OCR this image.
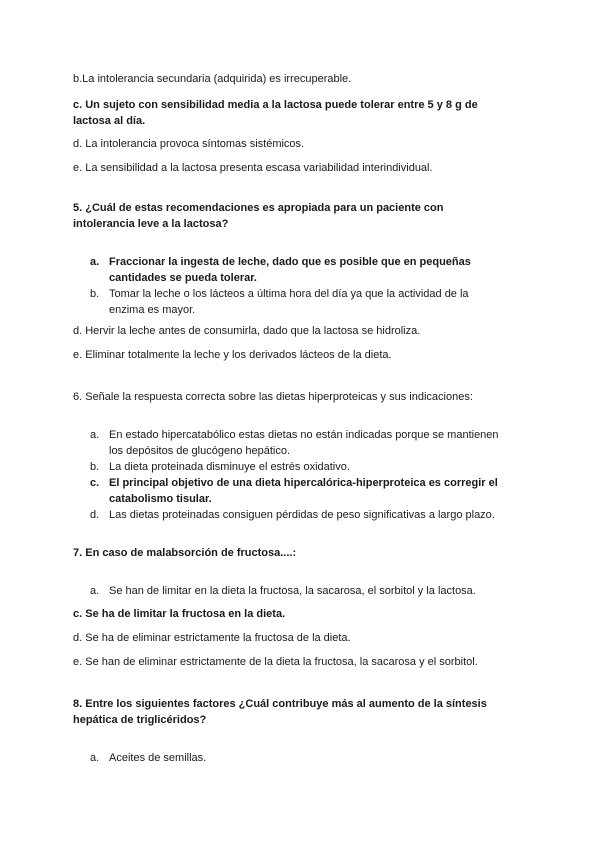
b.La intolerancia secundaria (adquirida) es irrecuperable.
c. Un sujeto con sensibilidad media a la lactosa puede tolerar entre 5 y 8 g de
lactosa al día.
d. La intolerancia provoca síntomas sistémicos.
e. La sensibilidad a la lactosa presenta escasa variabilidad interindividual.
5. ¿Cuál de estas recomendaciones es apropiada para un paciente con
intolerancia leve a la lactosa?
a. Fraccionar la ingesta de leche, dado que es posible que en pequeñas
cantidades se pueda tolerar.
b. Tomar la leche o los lácteos a última hora del día ya que la actividad de la
enzima es mayor.
d. Hervir la leche antes de consumirla, dado que la lactosa se hidroliza.
e. Eliminar totalmente la leche y los derivados lácteos de la dieta.
6. Señale la respuesta correcta sobre las dietas hiperproteicas y sus indicaciones:
a. En estado hipercatabólico estas dietas no están indicadas porque se mantienen
los depósitos de glucógeno hepático.
b. La dieta proteinada disminuye el estrés oxidativo.
c. El principal objetivo de una dieta hipercalórica-hiperproteica es corregir el
catabolismo tisular.
d. Las dietas proteinadas consiguen pérdidas de peso significativas a largo plazo.
7. En caso de malabsorción de fructosa....:
a. Se han de limitar en la dieta la fructosa, la sacarosa, el sorbitol y la lactosa.
c. Se ha de limitar la fructosa en la dieta.
d. Se ha de eliminar estrictamente la fructosa de la dieta.
e. Se han de eliminar estrictamente de la dieta la fructosa, la sacarosa y el sorbitol.
8. Entre los siguientes factores ¿Cuál contribuye más al aumento de la síntesis
hepática de triglicéridos?
a. Aceites de semillas.
